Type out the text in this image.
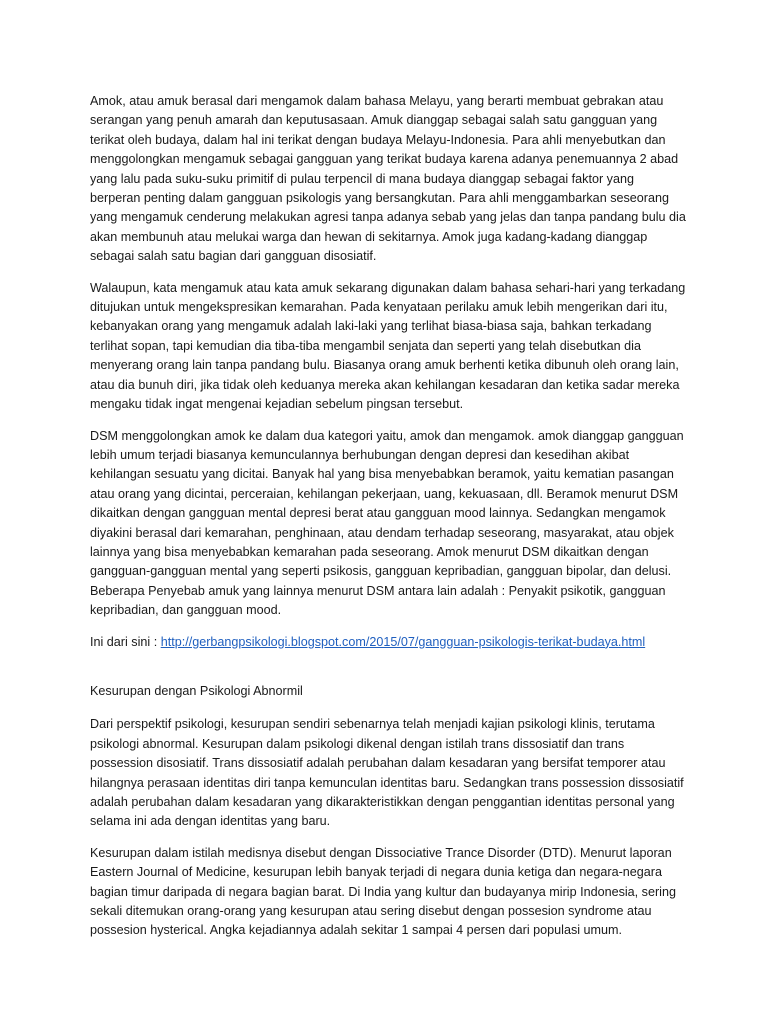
Amok, atau amuk berasal dari mengamok dalam bahasa Melayu, yang berarti membuat gebrakan atau serangan yang penuh amarah dan keputusasaan. Amuk dianggap sebagai salah satu gangguan yang terikat oleh budaya, dalam hal ini terikat dengan budaya Melayu-Indonesia. Para ahli menyebutkan dan menggolongkan mengamuk sebagai gangguan yang terikat budaya karena adanya penemuannya 2 abad yang lalu pada suku-suku primitif di pulau terpencil di mana budaya dianggap sebagai faktor yang berperan penting dalam gangguan psikologis yang bersangkutan. Para ahli menggambarkan seseorang yang mengamuk cenderung melakukan agresi tanpa adanya sebab yang jelas dan tanpa pandang bulu dia akan membunuh atau melukai warga dan hewan di sekitarnya. Amok juga kadang-kadang dianggap sebagai salah satu bagian dari gangguan disosiatif.

Walaupun, kata mengamuk atau kata amuk sekarang digunakan dalam bahasa sehari-hari yang terkadang ditujukan untuk mengekspresikan kemarahan. Pada kenyataan perilaku amuk lebih mengerikan dari itu, kebanyakan orang yang mengamuk adalah laki-laki yang terlihat biasa-biasa saja, bahkan terkadang terlihat sopan, tapi kemudian dia tiba-tiba mengambil senjata dan seperti yang telah disebutkan dia menyerang orang lain tanpa pandang bulu. Biasanya orang amuk berhenti ketika dibunuh oleh orang lain, atau dia bunuh diri, jika tidak oleh keduanya mereka akan kehilangan kesadaran dan ketika sadar mereka mengaku tidak ingat mengenai kejadian sebelum pingsan tersebut.

DSM menggolongkan amok ke dalam dua kategori yaitu, amok dan mengamok. amok dianggap gangguan lebih umum terjadi biasanya kemunculannya berhubungan dengan depresi dan kesedihan akibat kehilangan sesuatu yang dicitai. Banyak hal yang bisa menyebabkan beramok, yaitu kematian pasangan atau orang yang dicintai, perceraian, kehilangan pekerjaan, uang, kekuasaan, dll. Beramok menurut DSM dikaitkan dengan gangguan mental depresi berat atau gangguan mood lainnya. Sedangkan mengamok diyakini berasal dari kemarahan, penghinaan, atau dendam terhadap seseorang, masyarakat, atau objek lainnya yang bisa menyebabkan kemarahan pada seseorang. Amok menurut DSM dikaitkan dengan gangguan-gangguan mental yang seperti psikosis, gangguan kepribadian, gangguan bipolar, dan delusi. Beberapa Penyebab amuk yang lainnya menurut DSM antara lain adalah : Penyakit psikotik, gangguan kepribadian, dan gangguan mood.

Ini dari sini : http://gerbangpsikologi.blogspot.com/2015/07/gangguan-psikologis-terikat-budaya.html

Kesurupan dengan Psikologi Abnormil

Dari perspektif psikologi, kesurupan sendiri sebenarnya telah menjadi kajian psikologi klinis, terutama psikologi abnormal. Kesurupan dalam psikologi dikenal dengan istilah trans dissosiatif dan trans possession disosiatif. Trans dissosiatif adalah perubahan dalam kesadaran yang bersifat temporer atau hilangnya perasaan identitas diri tanpa kemunculan identitas baru. Sedangkan trans possession dissosiatif adalah perubahan dalam kesadaran yang dikarakteristikkan dengan penggantian identitas personal yang selama ini ada dengan identitas yang baru.

Kesurupan dalam istilah medisnya disebut dengan Dissociative Trance Disorder (DTD). Menurut laporan Eastern Journal of Medicine, kesurupan lebih banyak terjadi di negara dunia ketiga dan negara-negara bagian timur daripada di negara bagian barat. Di India yang kultur dan budayanya mirip Indonesia, sering sekali ditemukan orang-orang yang kesurupan atau sering disebut dengan possesion syndrome atau possesion hysterical. Angka kejadiannya adalah sekitar 1 sampai 4 persen dari populasi umum.
